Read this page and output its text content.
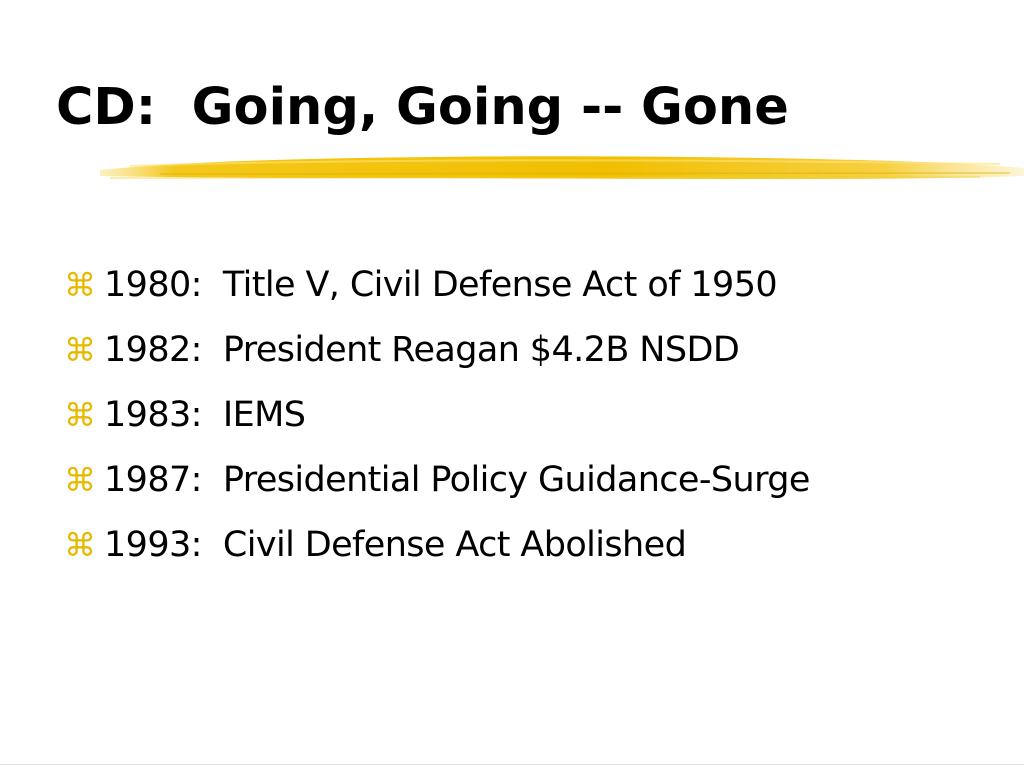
CD:  Going, Going -- Gone
⌘ 1980:  Title V, Civil Defense Act of 1950
⌘ 1982:  President Reagan $4.2B NSDD
⌘ 1983:  IEMS
⌘ 1987:  Presidential Policy Guidance-Surge
⌘ 1993:  Civil Defense Act Abolished
